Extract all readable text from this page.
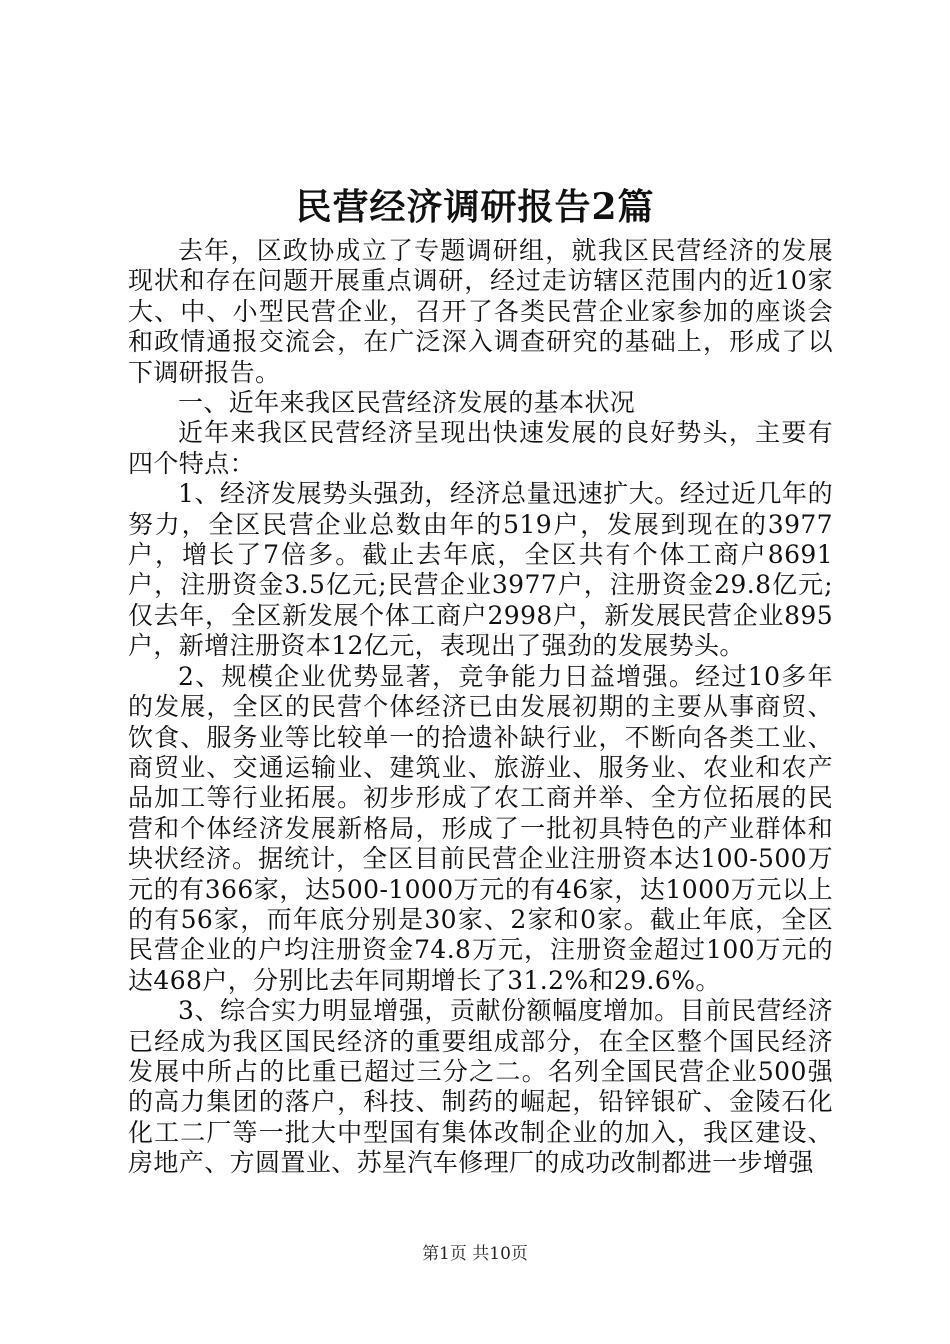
民营经济调研报告2篇

去年，区政协成立了专题调研组，就我区民营经济的发展现状和存在问题开展重点调研，经过走访辖区范围内的近10家大、中、小型民营企业，召开了各类民营企业家参加的座谈会和政情通报交流会，在广泛深入调查研究的基础上，形成了以下调研报告。

一、近年来我区民营经济发展的基本状况

近年来我区民营经济呈现出快速发展的良好势头，主要有四个特点：

1、经济发展势头强劲，经济总量迅速扩大。经过近几年的努力，全区民营企业总数由年的519户，发展到现在的3977户，增长了7倍多。截止去年底，全区共有个体工商户8691户，注册资金3.5亿元;民营企业3977户，注册资金29.8亿元;仅去年，全区新发展个体工商户2998户，新发展民营企业895户，新增注册资本12亿元，表现出了强劲的发展势头。

2、规模企业优势显著，竞争能力日益增强。经过10多年的发展，全区的民营个体经济已由发展初期的主要从事商贸、饮食、服务业等比较单一的拾遗补缺行业，不断向各类工业、商贸业、交通运输业、建筑业、旅游业、服务业、农业和农产品加工等行业拓展。初步形成了农工商并举、全方位拓展的民营和个体经济发展新格局，形成了一批初具特色的产业群体和块状经济。据统计，全区目前民营企业注册资本达100-500万元的有366家，达500-1000万元的有46家，达1000万元以上的有56家，而年底分别是30家、2家和0家。截止年底，全区民营企业的户均注册资金74.8万元，注册资金超过100万元的达468户，分别比去年同期增长了31.2%和29.6%。

3、综合实力明显增强，贡献份额幅度增加。目前民营经济已经成为我区国民经济的重要组成部分，在全区整个国民经济发展中所占的比重已超过三分之二。名列全国民营企业500强的高力集团的落户，科技、制药的崛起，铅锌银矿、金陵石化化工二厂等一批大中型国有集体改制企业的加入，我区建设、房地产、方圆置业、苏星汽车修理厂的成功改制都进一步增强

第1页 共10页
